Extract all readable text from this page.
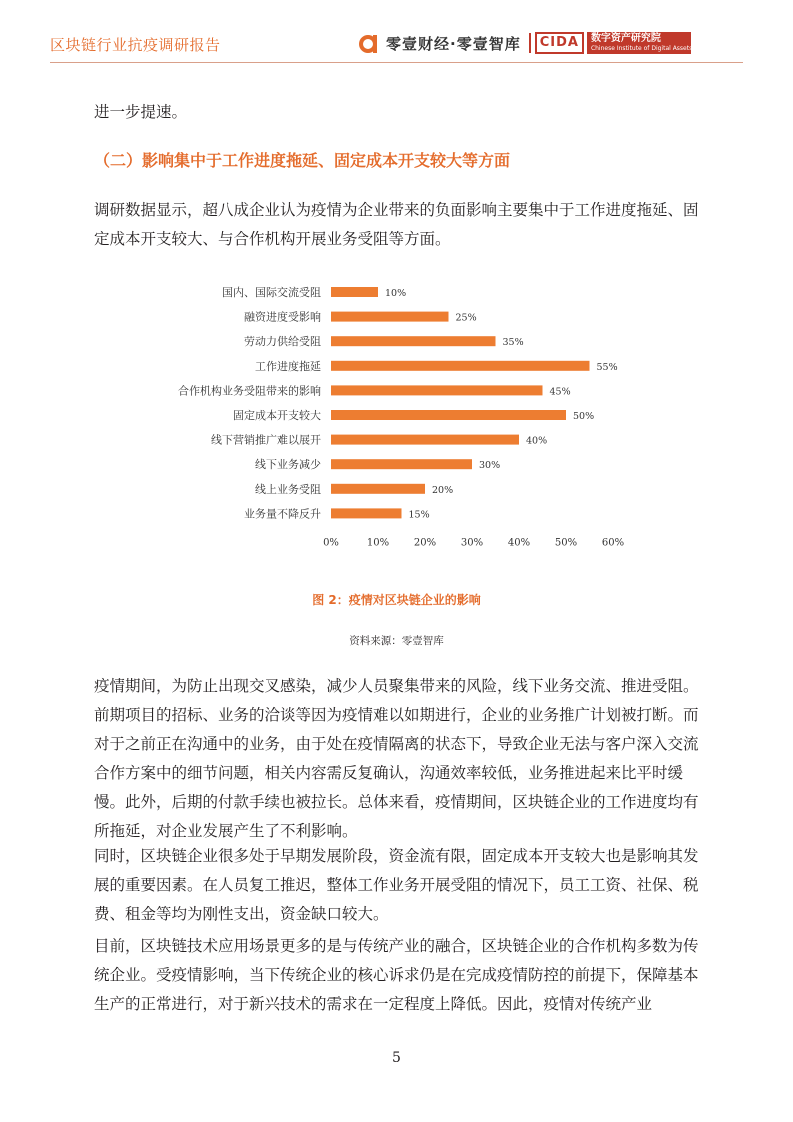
区块链行业抗疫调研报告	零壹财经·零壹智库	CIDA	数字资产研究院
Chinese Institute of Digital Assets

进一步提速。

（二）影响集中于工作进度拖延、固定成本开支较大等方面

调研数据显示，超八成企业认为疫情为企业带来的负面影响主要集中于工作进度拖延、固定成本开支较大、与合作机构开展业务受阻等方面。

国内、国际交流受阻	10%
融资进度受影响	25%
劳动力供给受阻	35%
工作进度拖延	55%
合作机构业务受阻带来的影响	45%
固定成本开支较大	50%
线下营销推广难以展开	40%
线下业务减少	30%
线上业务受阻	20%
业务量不降反升	15%
0%	10% 20% 30% 40% 50% 60%
图 2：疫情对区块链企业的影响
资料来源：零壹智库

疫情期间，为防止出现交叉感染，减少人员聚集带来的风险，线下业务交流、推进受阻。前期项目的招标、业务的洽谈等因为疫情难以如期进行，企业的业务推广计划被打断。而对于之前正在沟通中的业务，由于处在疫情隔离的状态下，导致企业无法与客户深入交流合作方案中的细节问题，相关内容需反复确认，沟通效率较低，业务推进起来比平时缓慢。此外，后期的付款手续也被拉长。总体来看，疫情期间，区块链企业的工作进度均有所拖延，对企业发展产生了不利影响。

同时，区块链企业很多处于早期发展阶段，资金流有限，固定成本开支较大也是影响其发展的重要因素。在人员复工推迟，整体工作业务开展受阻的情况下，员工工资、社保、税费、租金等均为刚性支出，资金缺口较大。

目前，区块链技术应用场景更多的是与传统产业的融合，区块链企业的合作机构多数为传统企业。受疫情影响，当下传统企业的核心诉求仍是在完成疫情防控的前提下，保障基本生产的正常进行，对于新兴技术的需求在一定程度上降低。因此，疫情对传统产业

5
